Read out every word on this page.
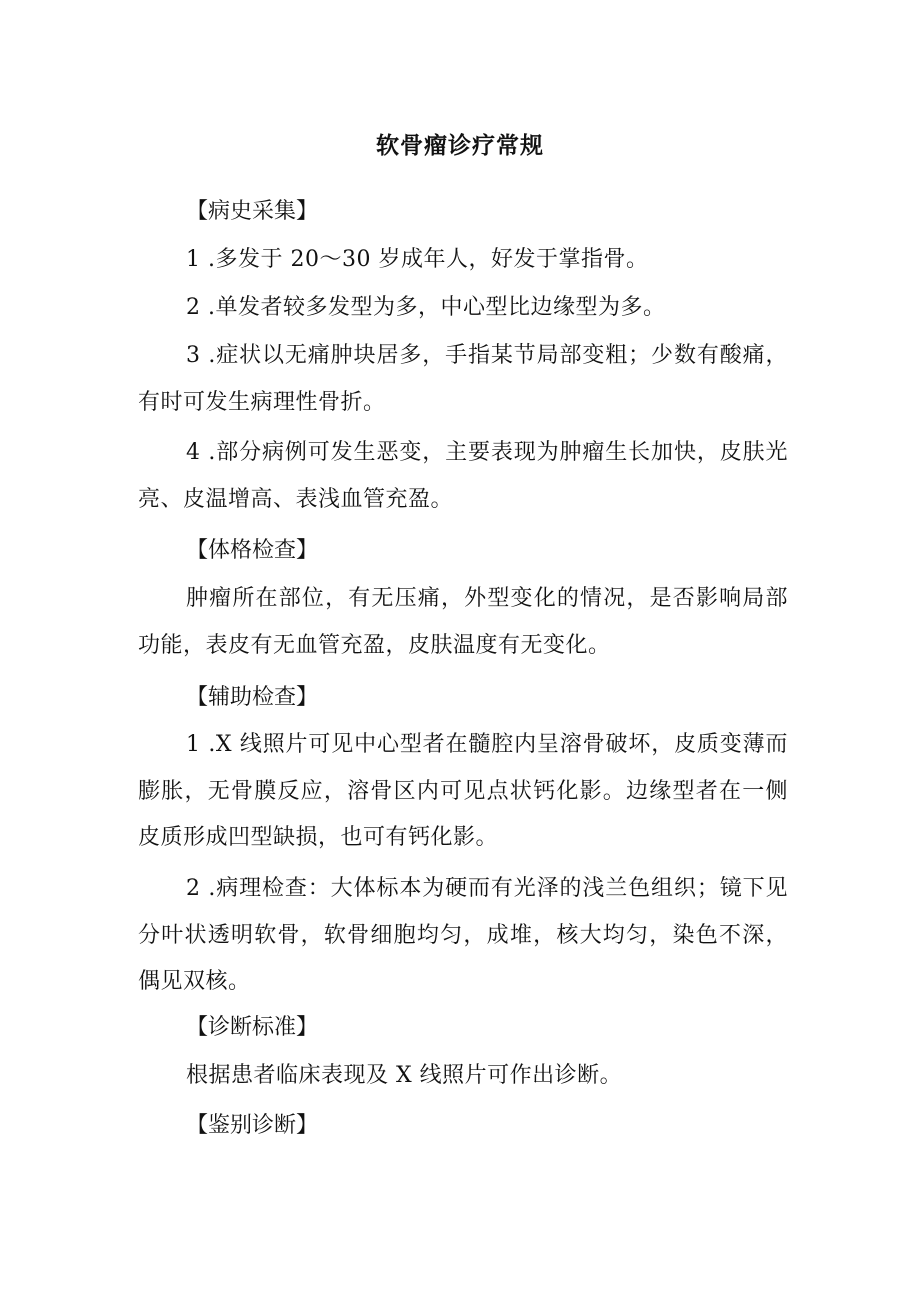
软骨瘤诊疗常规
【病史采集】
1 .多发于 20～30 岁成年人，好发于掌指骨。
2 .单发者较多发型为多，中心型比边缘型为多。
3 .症状以无痛肿块居多，手指某节局部变粗；少数有酸痛，有时可发生病理性骨折。
4 .部分病例可发生恶变，主要表现为肿瘤生长加快，皮肤光亮、皮温增高、表浅血管充盈。
【体格检查】
肿瘤所在部位，有无压痛，外型变化的情况，是否影响局部功能，表皮有无血管充盈，皮肤温度有无变化。
【辅助检查】
1 .X 线照片可见中心型者在髓腔内呈溶骨破坏，皮质变薄而膨胀，无骨膜反应，溶骨区内可见点状钙化影。边缘型者在一侧皮质形成凹型缺损，也可有钙化影。
2 .病理检查：大体标本为硬而有光泽的浅兰色组织；镜下见分叶状透明软骨，软骨细胞均匀，成堆，核大均匀，染色不深，偶见双核。
【诊断标准】
根据患者临床表现及 X 线照片可作出诊断。
【鉴别诊断】
